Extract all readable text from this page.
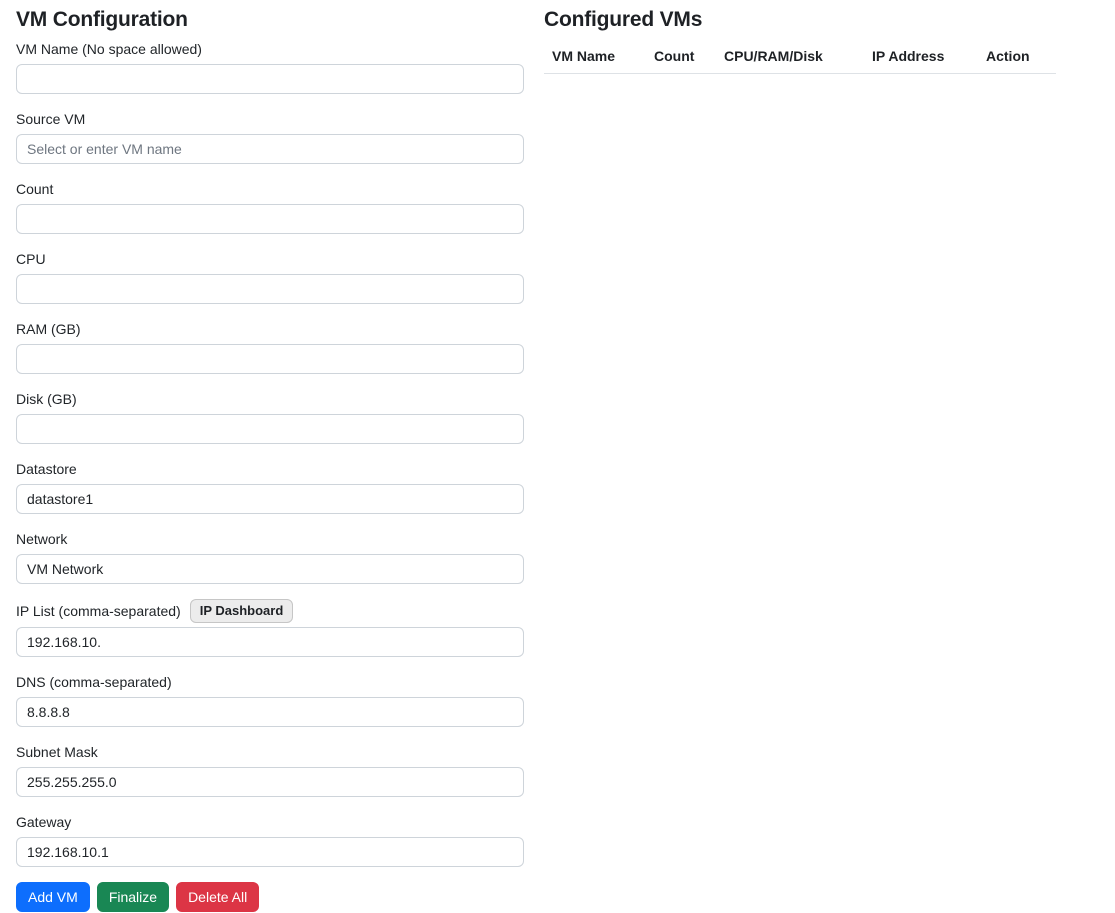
VM Configuration
VM Name (No space allowed)
Source VM
Select or enter VM name
Count
CPU
RAM (GB)
Disk (GB)
Datastore
datastore1
Network
VM Network
IP List (comma-separated)	IP Dashboard
192.168.10.
DNS (comma-separated)
8.8.8.8
Subnet Mask
255.255.255.0
Gateway
192.168.10.1
Add VM	Finalize	Delete All
Configured VMs
VM Name	Count	CPU/RAM/Disk	IP Address	Action
